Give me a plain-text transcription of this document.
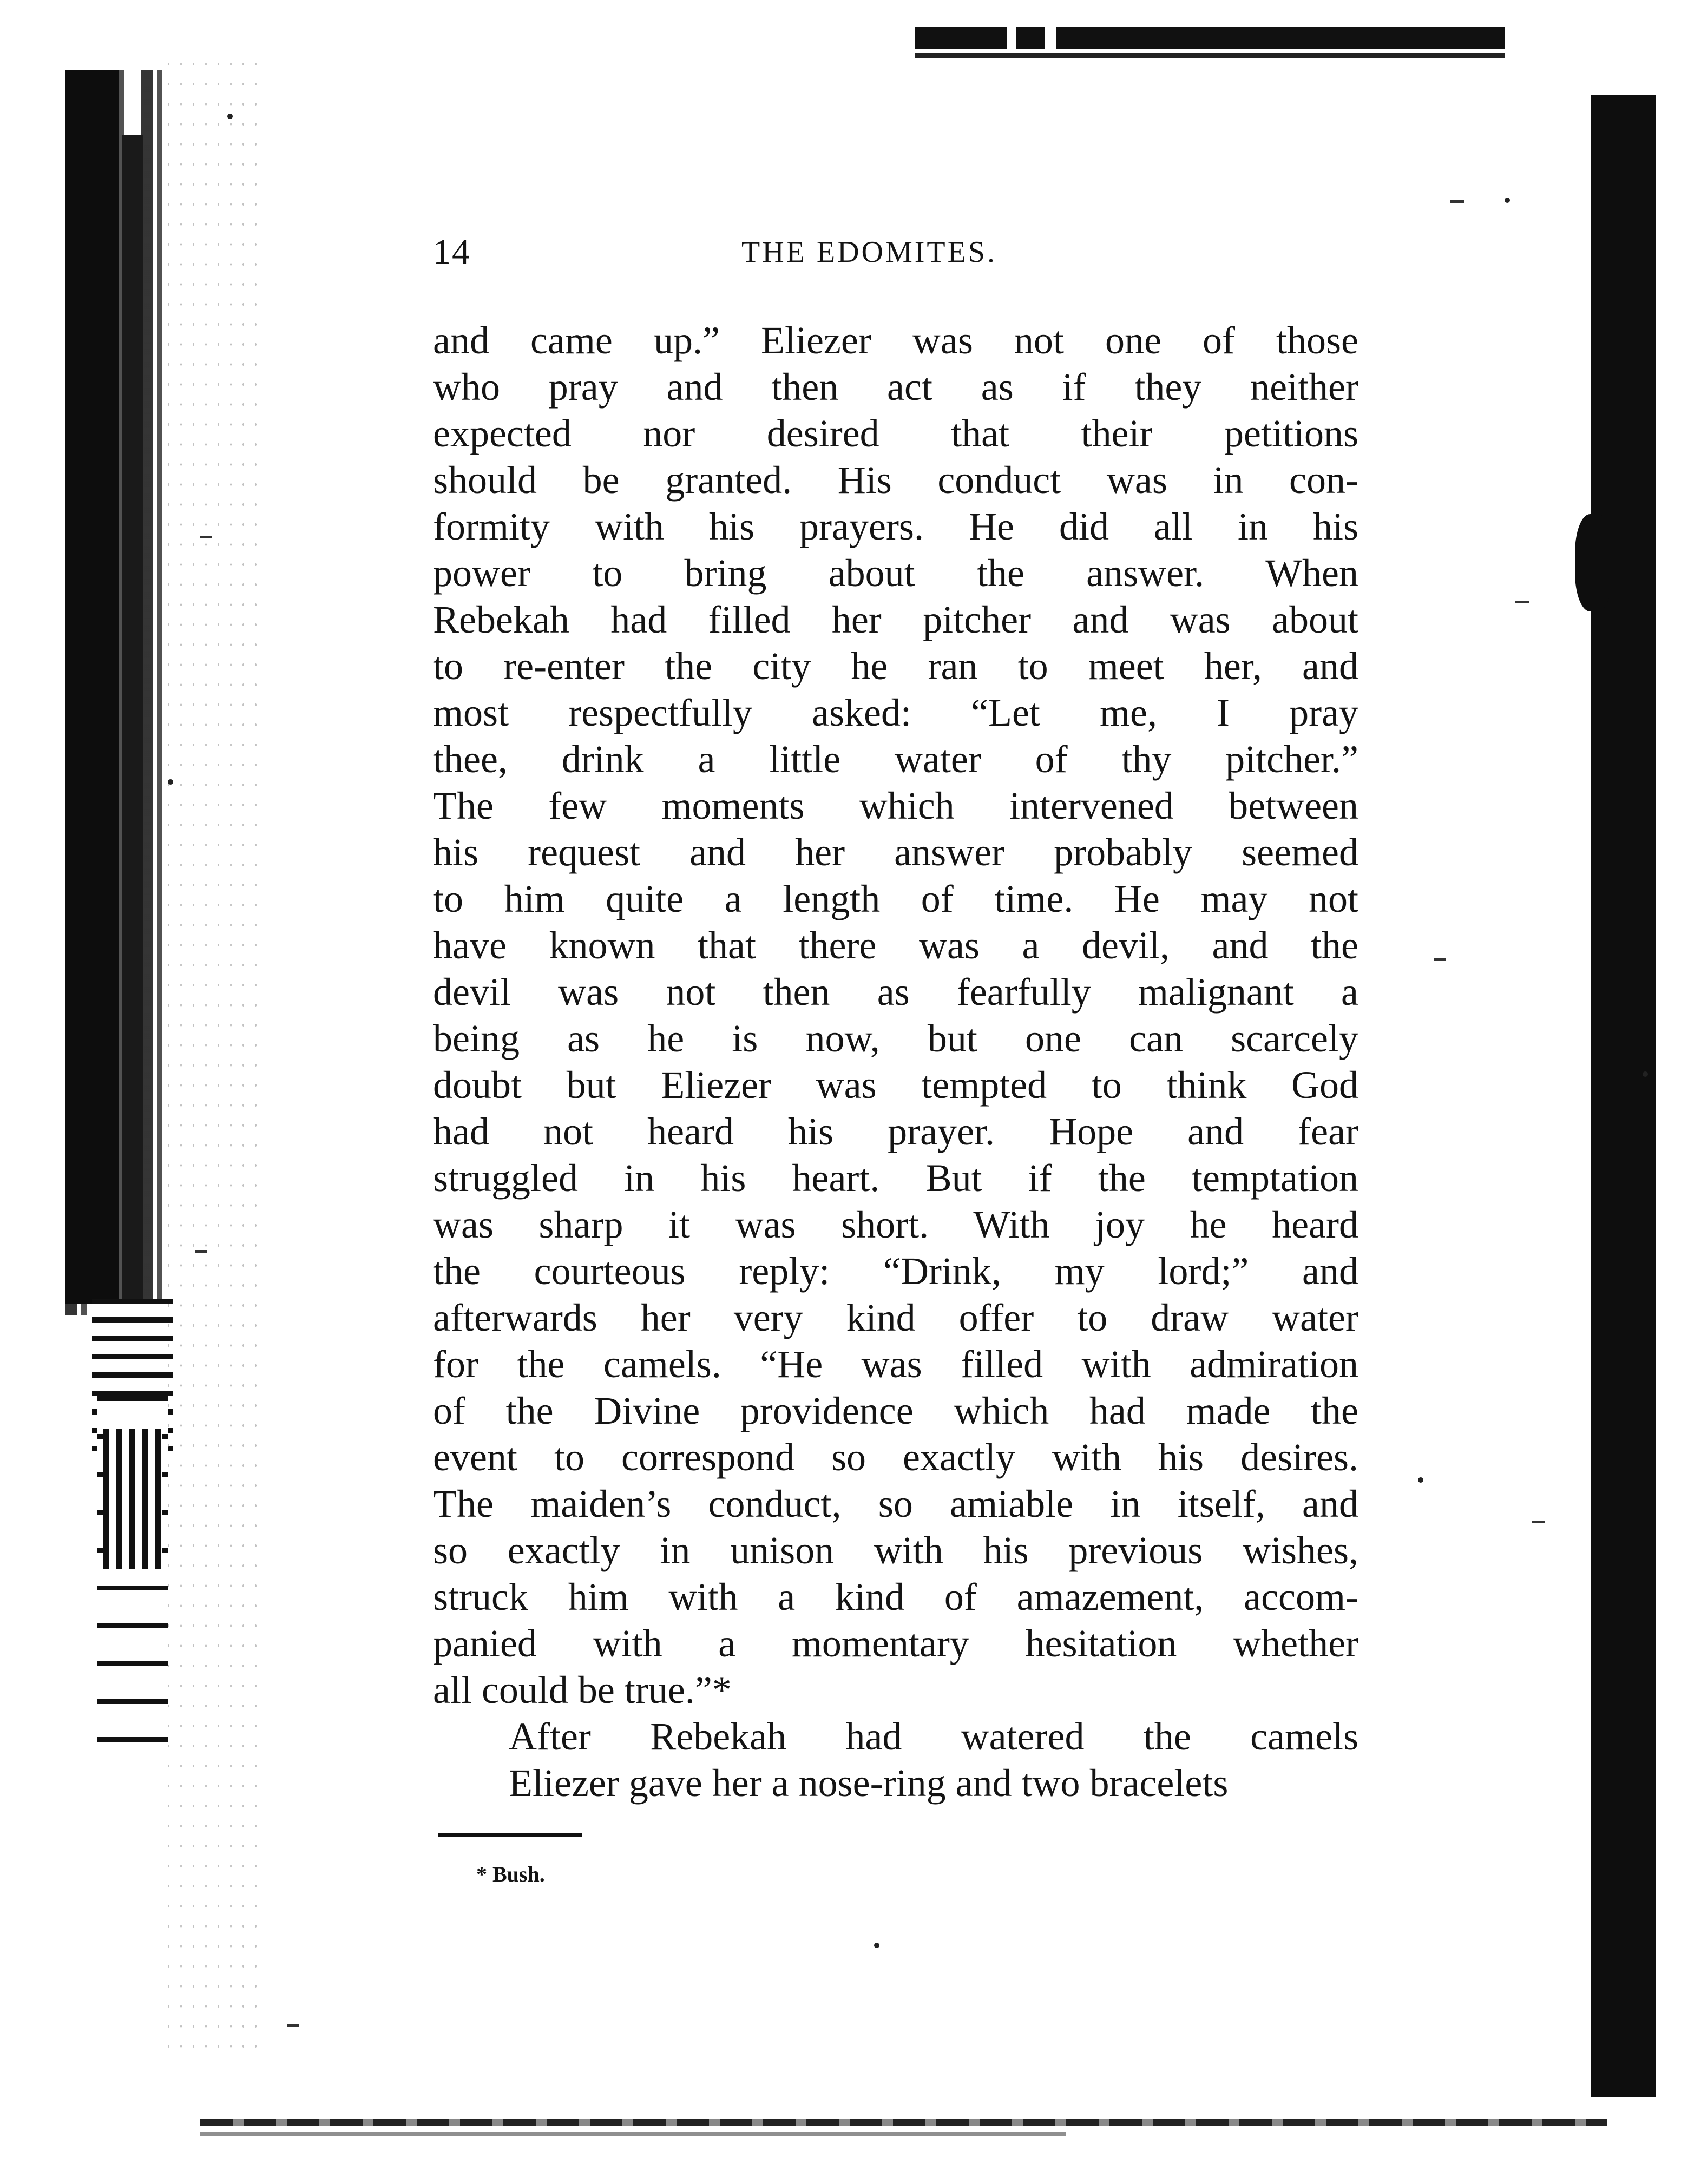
14	THE EDOMITES.
and came up.” Eliezer was not one of those
who pray and then act as if they neither
expected nor desired that their petitions
should be granted. His conduct was in con-
formity with his prayers. He did all in his
power to bring about the answer. When
Rebekah had filled her pitcher and was about
to re-enter the city he ran to meet her, and
most respectfully asked: “Let me, I pray
thee, drink a little water of thy pitcher.”
The few moments which intervened between
his request and her answer probably seemed
to him quite a length of time. He may not
have known that there was a devil, and the
devil was not then as fearfully malignant a
being as he is now, but one can scarcely
doubt but Eliezer was tempted to think God
had not heard his prayer. Hope and fear
struggled in his heart. But if the temptation
was sharp it was short. With joy he heard
the courteous reply: “Drink, my lord;” and
afterwards her very kind offer to draw water
for the camels. “He was filled with admiration
of the Divine providence which had made the
event to correspond so exactly with his desires.
The maiden’s conduct, so amiable in itself, and
so exactly in unison with his previous wishes,
struck him with a kind of amazement, accom-
panied with a momentary hesitation whether
all could be true.”*
After Rebekah had watered the camels
Eliezer gave her a nose-ring and two bracelets
* Bush.
